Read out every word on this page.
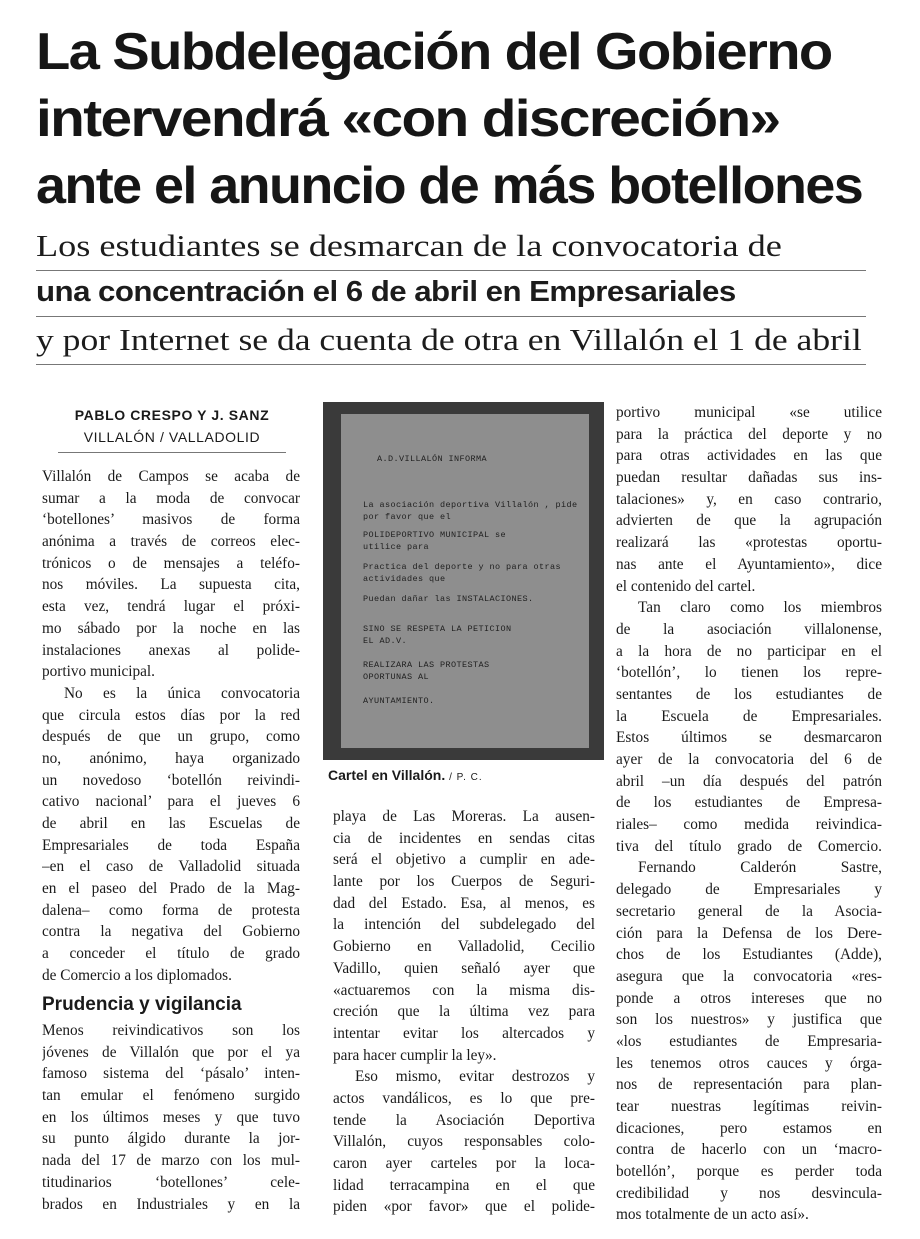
La Subdelegación del Gobierno
intervendrá «con discreción»
ante el anuncio de más botellones
Los estudiantes se desmarcan de la convocatoria de
una concentración el 6 de abril en Empresariales
y por Internet se da cuenta de otra en Villalón el 1 de abril
PABLO CRESPO Y J. SANZ
VILLALÓN / VALLADOLID
Villalón de Campos se acaba de
sumar a la moda de convocar
‘botellones’ masivos de forma
anónima a través de correos elec-
trónicos o de mensajes a teléfo-
nos móviles. La supuesta cita,
esta vez, tendrá lugar el próxi-
mo sábado por la noche en las
instalaciones anexas al polide-
portivo municipal.
No es la única convocatoria
que circula estos días por la red
después de que un grupo, como
no, anónimo, haya organizado
un novedoso ‘botellón reivindi-
cativo nacional’ para el jueves 6
de abril en las Escuelas de
Empresariales de toda España
–en el caso de Valladolid situada
en el paseo del Prado de la Mag-
dalena– como forma de protesta
contra la negativa del Gobierno
a conceder el título de grado
de Comercio a los diplomados.
Prudencia y vigilancia
Menos reivindicativos son los
jóvenes de Villalón que por el ya
famoso sistema del ‘pásalo’ inten-
tan emular el fenómeno surgido
en los últimos meses y que tuvo
su punto álgido durante la jor-
nada del 17 de marzo con los mul-
titudinarios ‘botellones’ cele-
brados en Industriales y en la
A.D.VILLALÓN INFORMA
La asociación deportiva Villalón , pide
por favor que el
POLIDEPORTIVO MUNICIPAL se
utilice para
Practica del deporte y no para otras
actividades que
Puedan dañar las INSTALACIONES.
SINO SE RESPETA LA PETICION
EL AD.V.
REALIZARA LAS PROTESTAS
OPORTUNAS AL
AYUNTAMIENTO.
Cartel en Villalón. / P. C.
playa de Las Moreras. La ausen-
cia de incidentes en sendas citas
será el objetivo a cumplir en ade-
lante por los Cuerpos de Seguri-
dad del Estado. Esa, al menos, es
la intención del subdelegado del
Gobierno en Valladolid, Cecilio
Vadillo, quien señaló ayer que
«actuaremos con la misma dis-
creción que la última vez para
intentar evitar los altercados y
para hacer cumplir la ley».
Eso mismo, evitar destrozos y
actos vandálicos, es lo que pre-
tende la Asociación Deportiva
Villalón, cuyos responsables colo-
caron ayer carteles por la loca-
lidad terracampina en el que
piden «por favor» que el polide-
portivo municipal «se utilice
para la práctica del deporte y no
para otras actividades en las que
puedan resultar dañadas sus ins-
talaciones» y, en caso contrario,
advierten de que la agrupación
realizará las «protestas oportu-
nas ante el Ayuntamiento», dice
el contenido del cartel.
Tan claro como los miembros
de la asociación villalonense,
a la hora de no participar en el
‘botellón’, lo tienen los repre-
sentantes de los estudiantes de
la Escuela de Empresariales.
Estos últimos se desmarcaron
ayer de la convocatoria del 6 de
abril –un día después del patrón
de los estudiantes de Empresa-
riales– como medida reivindica-
tiva del título grado de Comercio.
Fernando Calderón Sastre,
delegado de Empresariales y
secretario general de la Asocia-
ción para la Defensa de los Dere-
chos de los Estudiantes (Adde),
asegura que la convocatoria «res-
ponde a otros intereses que no
son los nuestros» y justifica que
«los estudiantes de Empresaria-
les tenemos otros cauces y órga-
nos de representación para plan-
tear nuestras legítimas reivin-
dicaciones, pero estamos en
contra de hacerlo con un ‘macro-
botellón’, porque es perder toda
credibilidad y nos desvincula-
mos totalmente de un acto así».
